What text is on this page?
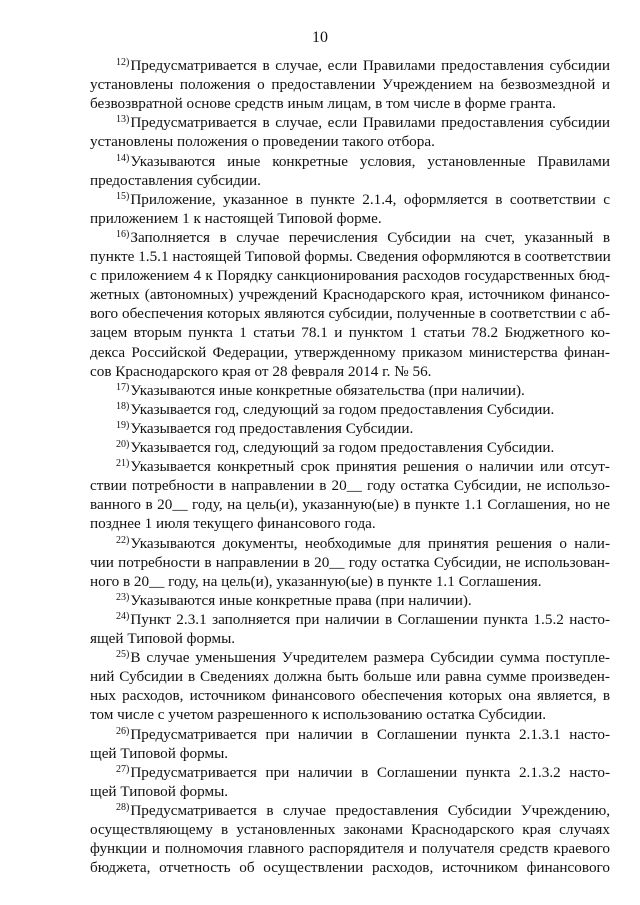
10
$^{12)}$Предусматривается в случае, если Правилами предоставления субсидии
установлены положения о предоставлении Учреждением на безвозмездной и
безвозвратной основе средств иным лицам, в том числе в форме гранта.
$^{13)}$Предусматривается в случае, если Правилами предоставления субсидии
установлены положения о проведении такого отбора.
$^{14)}$Указываются иные конкретные условия, установленные Правилами
предоставления субсидии.
$^{15)}$Приложение, указанное в пункте 2.1.4, оформляется в соответствии с
приложением 1 к настоящей Типовой форме.
$^{16)}$Заполняется в случае перечисления Субсидии на счет, указанный в
пункте 1.5.1 настоящей Типовой формы. Сведения оформляются в соответствии
с приложением 4 к Порядку санкционирования расходов государственных бюд-
жетных (автономных) учреждений Краснодарского края, источником финансо-
вого обеспечения которых являются субсидии, полученные в соответствии с аб-
зацем вторым пункта 1 статьи 78.1 и пунктом 1 статьи 78.2 Бюджетного ко-
декса Российской Федерации, утвержденному приказом министерства финан-
сов Краснодарского края от 28 февраля 2014 г. № 56.
$^{17)}$Указываются иные конкретные обязательства (при наличии).
$^{18)}$Указывается год, следующий за годом предоставления Субсидии.
$^{19)}$Указывается год предоставления Субсидии.
$^{20)}$Указывается год, следующий за годом предоставления Субсидии.
$^{21)}$Указывается конкретный срок принятия решения о наличии или отсут-
ствии потребности в направлении в 20__ году остатка Субсидии, не использо-
ванного в 20__ году, на цель(и), указанную(ые) в пункте 1.1 Соглашения, но не
позднее 1 июля текущего финансового года.
$^{22)}$Указываются документы, необходимые для принятия решения о нали-
чии потребности в направлении в 20__ году остатка Субсидии, не использован-
ного в 20__ году, на цель(и), указанную(ые) в пункте 1.1 Соглашения.
$^{23)}$Указываются иные конкретные права (при наличии).
$^{24)}$Пункт 2.3.1 заполняется при наличии в Соглашении пункта 1.5.2 насто-
ящей Типовой формы.
$^{25)}$В случае уменьшения Учредителем размера Субсидии сумма поступле-
ний Субсидии в Сведениях должна быть больше или равна сумме произведен-
ных расходов, источником финансового обеспечения которых она является, в
том числе с учетом разрешенного к использованию остатка Субсидии.
$^{26)}$Предусматривается при наличии в Соглашении пункта 2.1.3.1 насто-
щей Типовой формы.
$^{27)}$Предусматривается при наличии в Соглашении пункта 2.1.3.2 насто-
щей Типовой формы.
$^{28)}$Предусматривается в случае предоставления Субсидии Учреждению,
осуществляющему в установленных законами Краснодарского края случаях
функции и полномочия главного распорядителя и получателя средств краевого
бюджета, отчетность об осуществлении расходов, источником финансового
